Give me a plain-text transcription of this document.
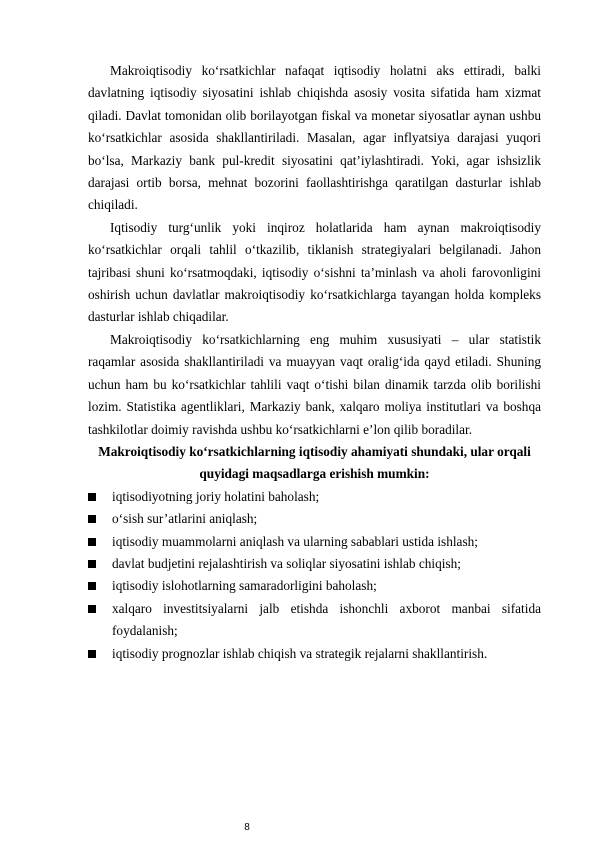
Makroiqtisodiy ko‘rsatkichlar nafaqat iqtisodiy holatni aks ettiradi, balki davlatning iqtisodiy siyosatini ishlab chiqishda asosiy vosita sifatida ham xizmat qiladi. Davlat tomonidan olib borilayotgan fiskal va monetar siyosatlar aynan ushbu ko‘rsatkichlar asosida shakllantiriladi. Masalan, agar inflyatsiya darajasi yuqori bo‘lsa, Markaziy bank pul-kredit siyosatini qat’iylashtiradi. Yoki, agar ishsizlik darajasi ortib borsa, mehnat bozorini faollashtirishga qaratilgan dasturlar ishlab chiqiladi.

Iqtisodiy turg‘unlik yoki inqiroz holatlarida ham aynan makroiqtisodiy ko‘rsatkichlar orqali tahlil o‘tkazilib, tiklanish strategiyalari belgilanadi. Jahon tajribasi shuni ko‘rsatmoqdaki, iqtisodiy o‘sishni ta’minlash va aholi farovonligini oshirish uchun davlatlar makroiqtisodiy ko‘rsatkichlarga tayangan holda kompleks dasturlar ishlab chiqadilar.

Makroiqtisodiy ko‘rsatkichlarning eng muhim xususiyati – ular statistik raqamlar asosida shakllantiriladi va muayyan vaqt oralig‘ida qayd etiladi. Shuning uchun ham bu ko‘rsatkichlar tahlili vaqt o‘tishi bilan dinamik tarzda olib borilishi lozim. Statistika agentliklari, Markaziy bank, xalqaro moliya institutlari va boshqa tashkilotlar doimiy ravishda ushbu ko‘rsatkichlarni e’lon qilib boradilar.

Makroiqtisodiy ko‘rsatkichlarning iqtisodiy ahamiyati shundaki, ular orqali quyidagi maqsadlarga erishish mumkin:

iqtisodiyotning joriy holatini baholash;
o‘sish sur’atlarini aniqlash;
iqtisodiy muammolarni aniqlash va ularning sabablari ustida ishlash;
davlat budjetini rejalashtirish va soliqlar siyosatini ishlab chiqish;
iqtisodiy islohotlarning samaradorligini baholash;
xalqaro investitsiyalarni jalb etishda ishonchli axborot manbai sifatida foydalanish;
iqtisodiy prognozlar ishlab chiqish va strategik rejalarni shakllantirish.
8
